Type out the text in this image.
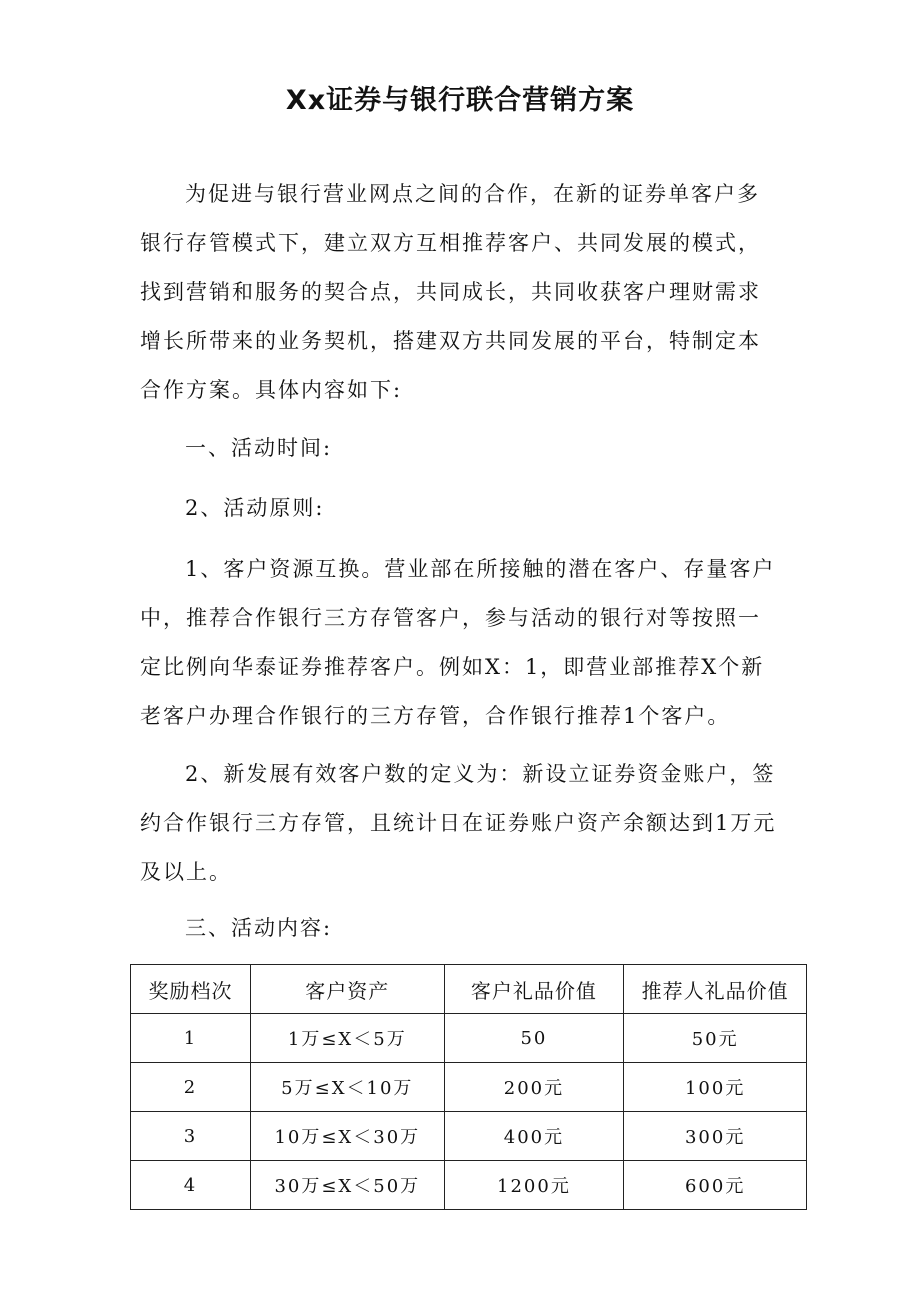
Xx证券与银行联合营销方案

为促进与银行营业网点之间的合作，在新的证券单客户多银行存管模式下，建立双方互相推荐客户、共同发展的模式，找到营销和服务的契合点，共同成长，共同收获客户理财需求增长所带来的业务契机，搭建双方共同发展的平台，特制定本合作方案。具体内容如下:

一、活动时间:
2、活动原则:

1、客户资源互换。营业部在所接触的潜在客户、存量客户中，推荐合作银行三方存管客户，参与活动的银行对等按照一定比例向华泰证券推荐客户。例如X：1，即营业部推荐X个新老客户办理合作银行的三方存管，合作银行推荐1个客户。

2、新发展有效客户数的定义为：新设立证券资金账户，签约合作银行三方存管，且统计日在证券账户资产余额达到1万元及以上。

三、活动内容:
奖励档次	客户资产	客户礼品价值	推荐人礼品价值
1	1万≤X＜5万	50	50元
2	5万≤X＜10万	200元	100元
3	10万≤X＜30万	400元	300元
4	30万≤X＜50万	1200元	600元
